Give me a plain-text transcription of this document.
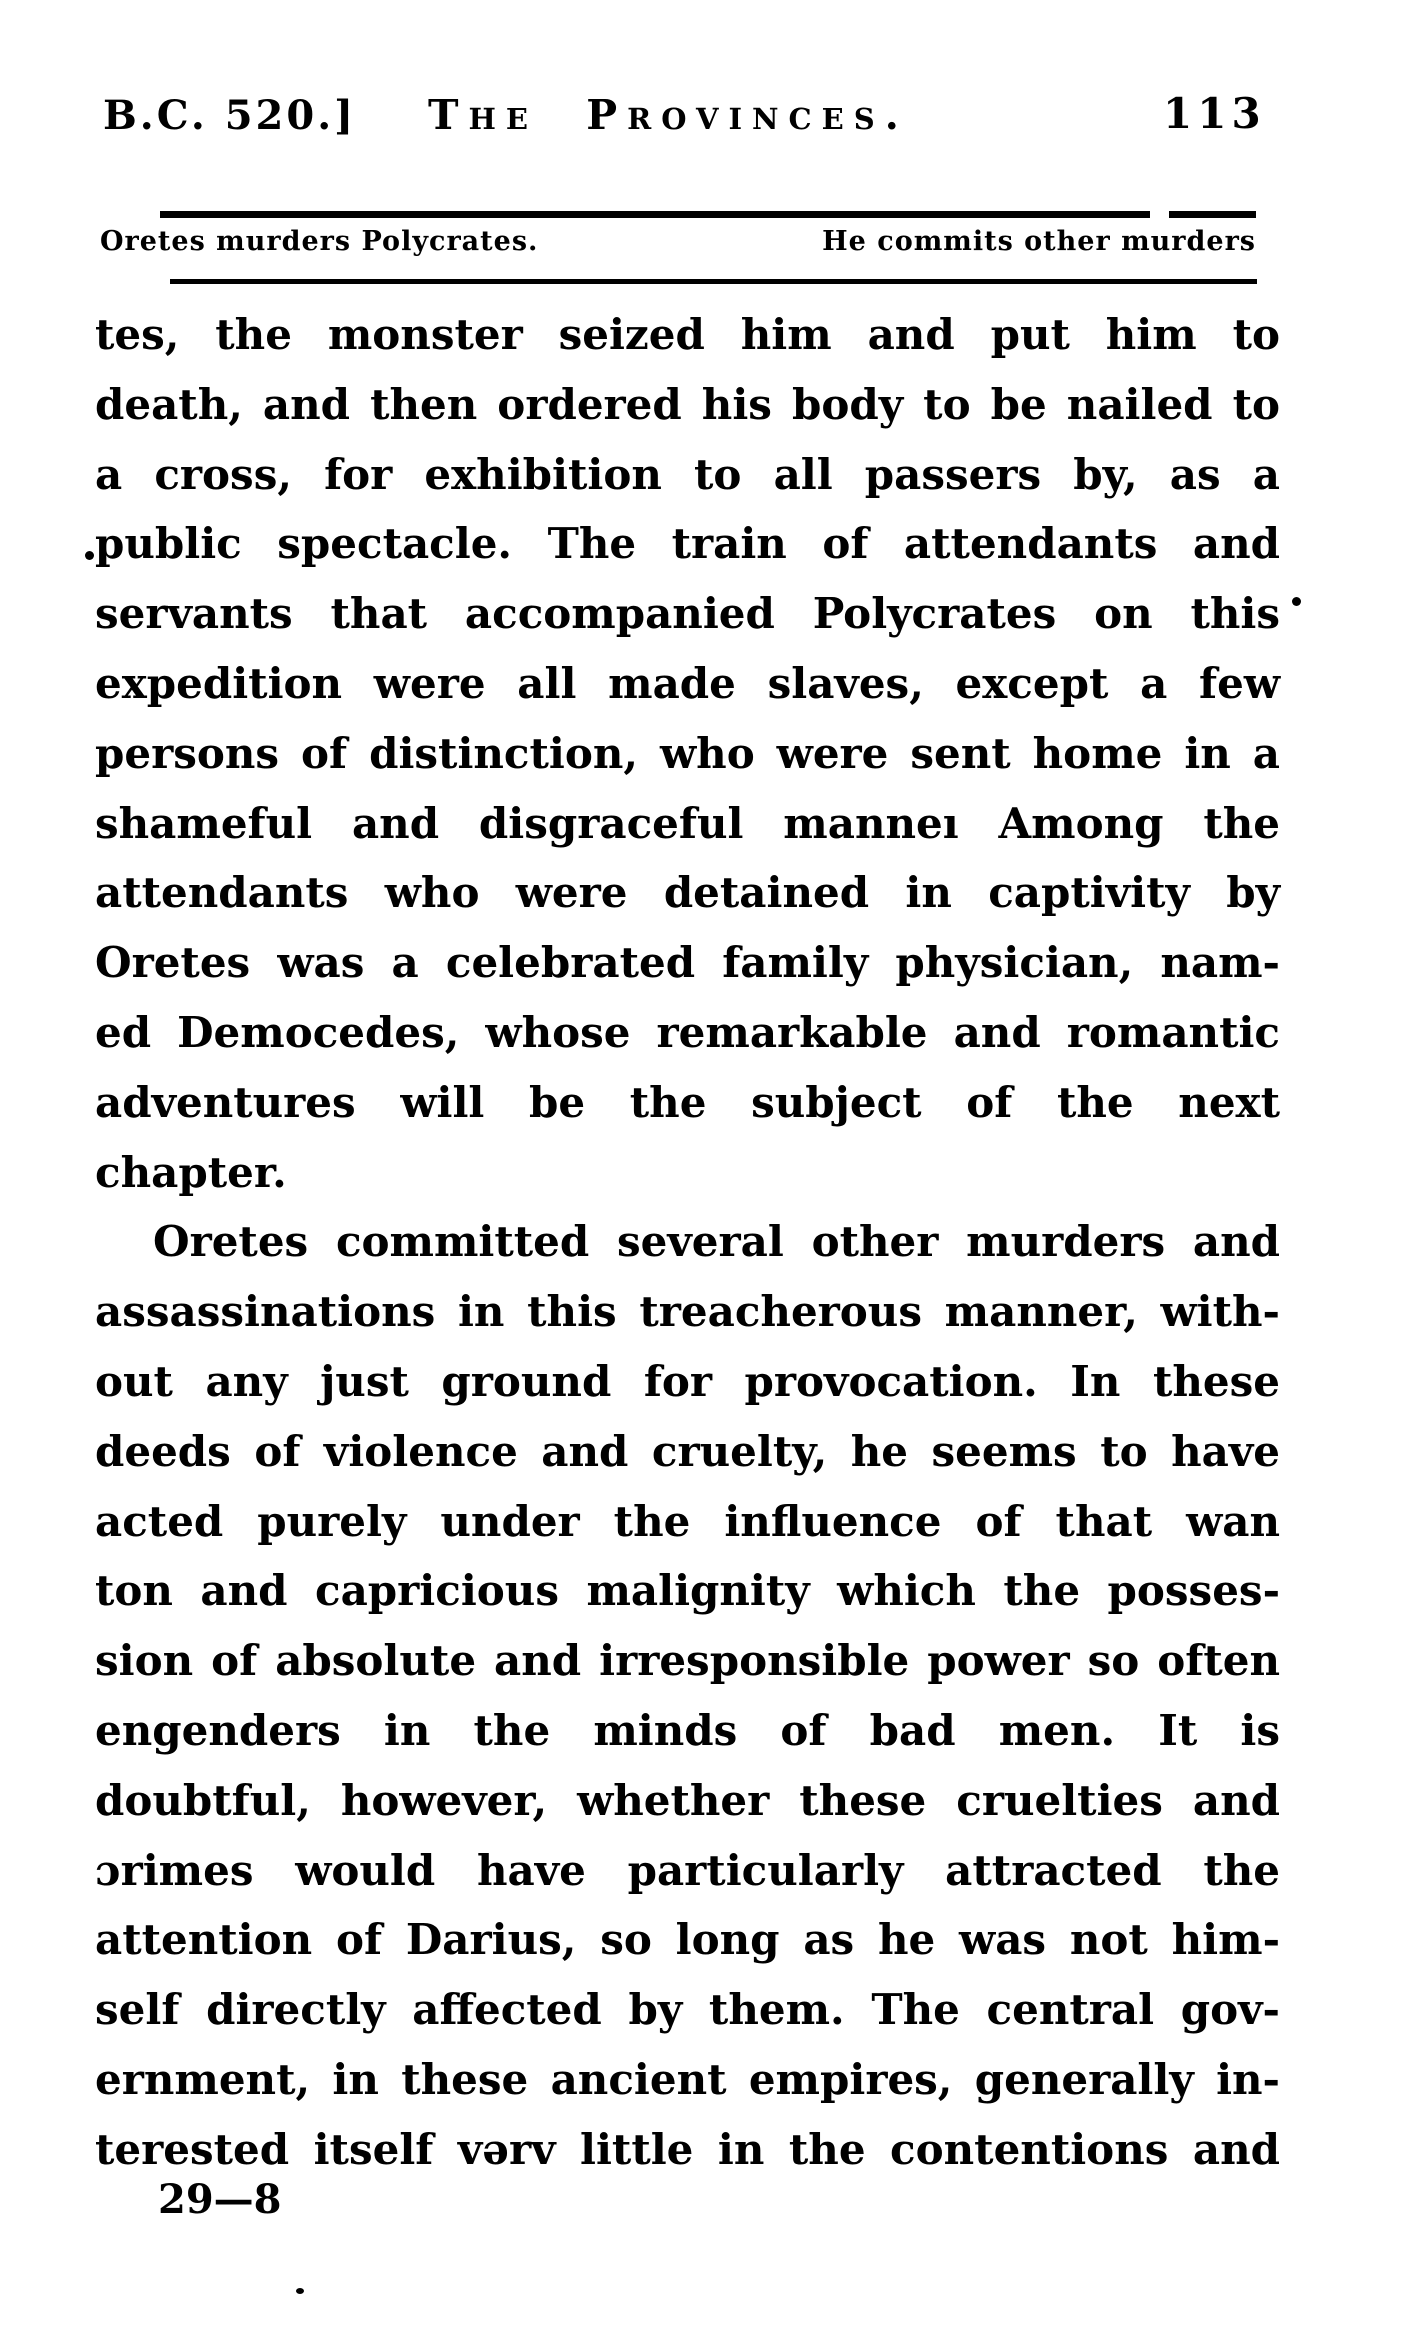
B.C. 520.] The Provinces.	113
Oretes murders Polycrates.	He commits other murders
tes, the monster seized him and put him to
death, and then ordered his body to be nailed to
a cross, for exhibition to all passers by, as a
public spectacle. The train of attendants and
servants that accompanied Polycrates on this
expedition were all made slaves, except a few
persons of distinction, who were sent home in a
shameful and disgraceful manneı Among the
attendants who were detained in captivity by
Oretes was a celebrated family physician, nam-
ed Democedes, whose remarkable and romantic
adventures will be the subject of the next
chapter.
Oretes committed several other murders and
assassinations in this treacherous manner, with-
out any just ground for provocation. In these
deeds of violence and cruelty, he seems to have
acted purely under the influence of that wan
ton and capricious malignity which the posses-
sion of absolute and irresponsible power so often
engenders in the minds of bad men. It is
doubtful, however, whether these cruelties and
ɔrimes would have particularly attracted the
attention of Darius, so long as he was not him-
self directly affected by them. The central gov-
ernment, in these ancient empires, generally in-
terested itself vərv little in the contentions and
29—8
